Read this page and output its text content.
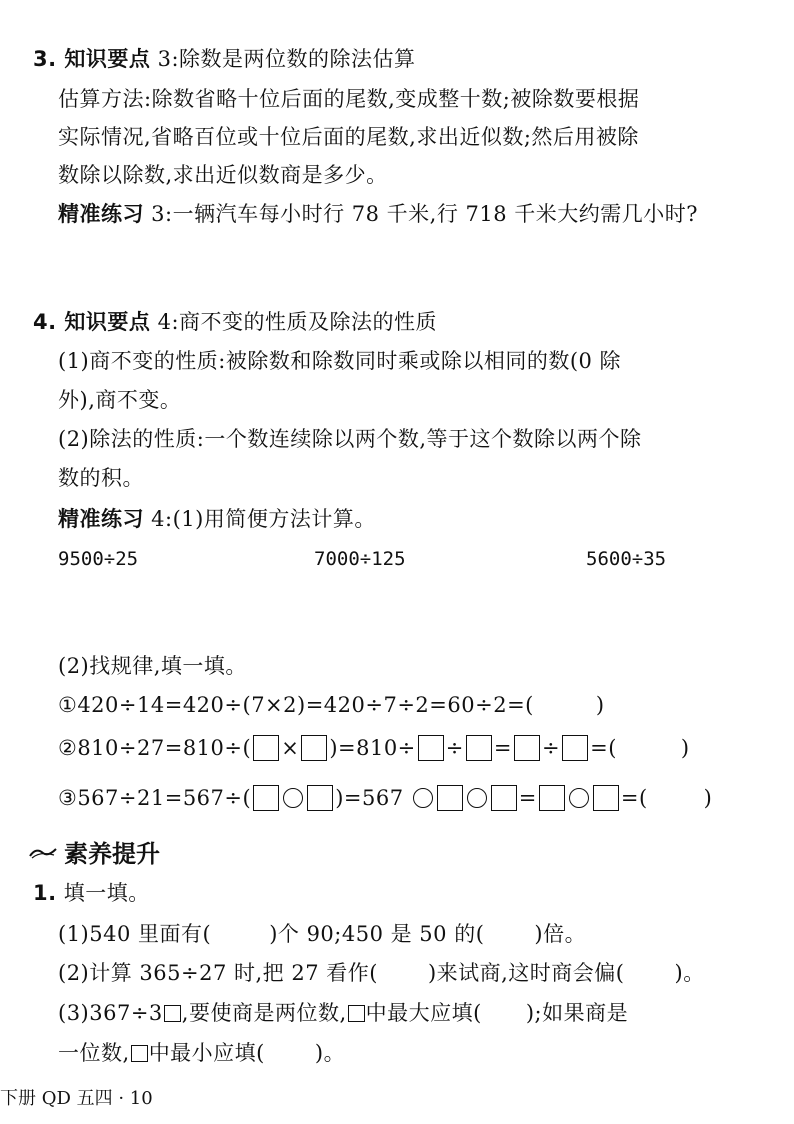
3. 知识要点 3:除数是两位数的除法估算
估算方法:除数省略十位后面的尾数,变成整十数;被除数要根据
实际情况,省略百位或十位后面的尾数,求出近似数;然后用被除
数除以除数,求出近似数商是多少。
精准练习 3:一辆汽车每小时行 78 千米,行 718 千米大约需几小时?
4. 知识要点 4:商不变的性质及除法的性质
(1)商不变的性质:被除数和除数同时乘或除以相同的数(0 除
外),商不变。
(2)除法的性质:一个数连续除以两个数,等于这个数除以两个除
数的积。
精准练习 4:(1)用简便方法计算。
9500÷25	7000÷125	5600÷35
(2)找规律,填一填。
①420÷14=420÷(7×2)=420÷7÷2=60÷2=(	)
②810÷27=810÷( × )=810÷ ÷ = ÷ =(	)
③567÷21=567÷(	)=567	=	=(	)
素养提升
1. 填一填。
(1)540 里面有(	)个 90;450 是 50 的( )倍。
(2)计算 365÷27 时,把 27 看作( )来试商,这时商会偏( )。
(3)367÷3 ,要使商是两位数, 中最大应填( );如果商是
一位数, 中最小应填( )。
下册 QD 五四 · 10
